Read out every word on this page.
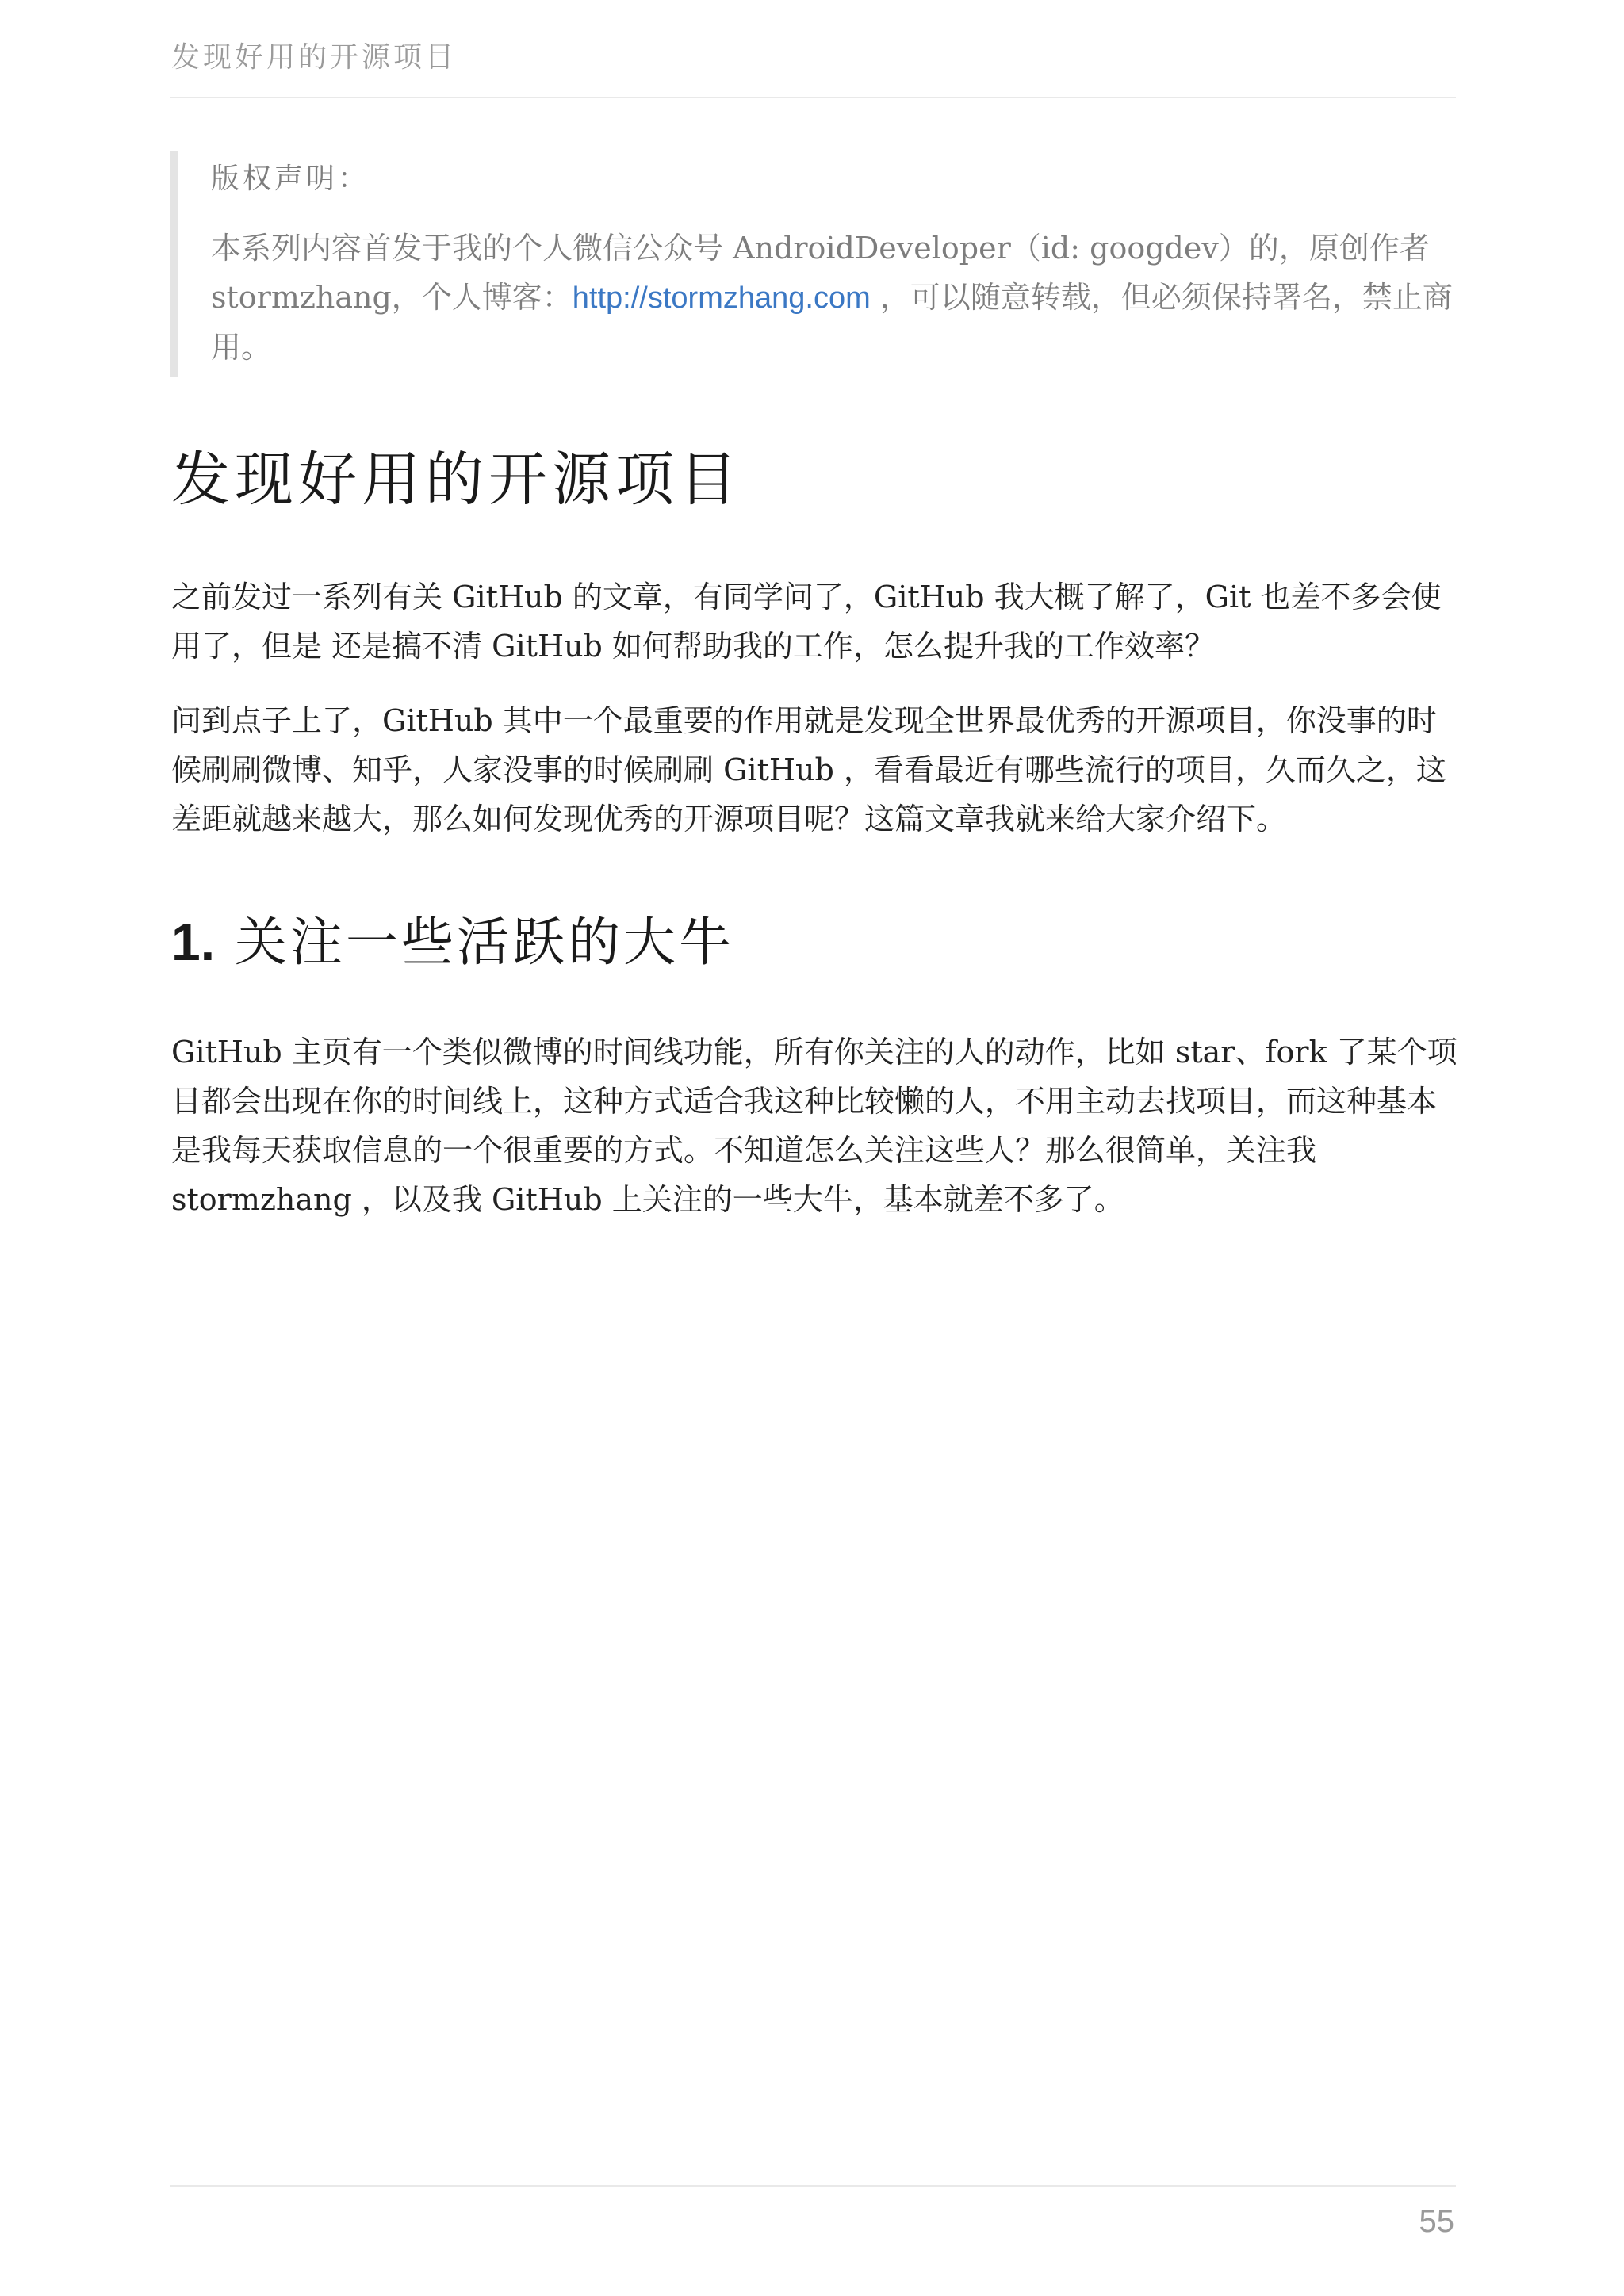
发现好用的开源项目
版权声明：
本系列内容首发于我的个人微信公众号 AndroidDeveloper（id: googdev）的，原创作者 stormzhang，个人博客：http://stormzhang.com ，可以随意转载，但必须保持署名，禁止商用。
发现好用的开源项目

之前发过一系列有关 GitHub 的文章，有同学问了，GitHub 我大概了解了，Git 也差不多会使用了，但是 还是搞不清 GitHub 如何帮助我的工作，怎么提升我的工作效率？

问到点子上了，GitHub 其中一个最重要的作用就是发现全世界最优秀的开源项目，你没事的时候刷刷微博、知乎，人家没事的时候刷刷 GitHub ，看看最近有哪些流行的项目，久而久之，这差距就越来越大，那么如何发现优秀的开源项目呢？这篇文章我就来给大家介绍下。

1. 关注一些活跃的大牛

GitHub 主页有一个类似微博的时间线功能，所有你关注的人的动作，比如 star、fork 了某个项目都会出现在你的时间线上，这种方式适合我这种比较懒的人，不用主动去找项目，而这种基本是我每天获取信息的一个很重要的方式。不知道怎么关注这些人？那么很简单，关注我 stormzhang ，以及我 GitHub 上关注的一些大牛，基本就差不多了。

55
